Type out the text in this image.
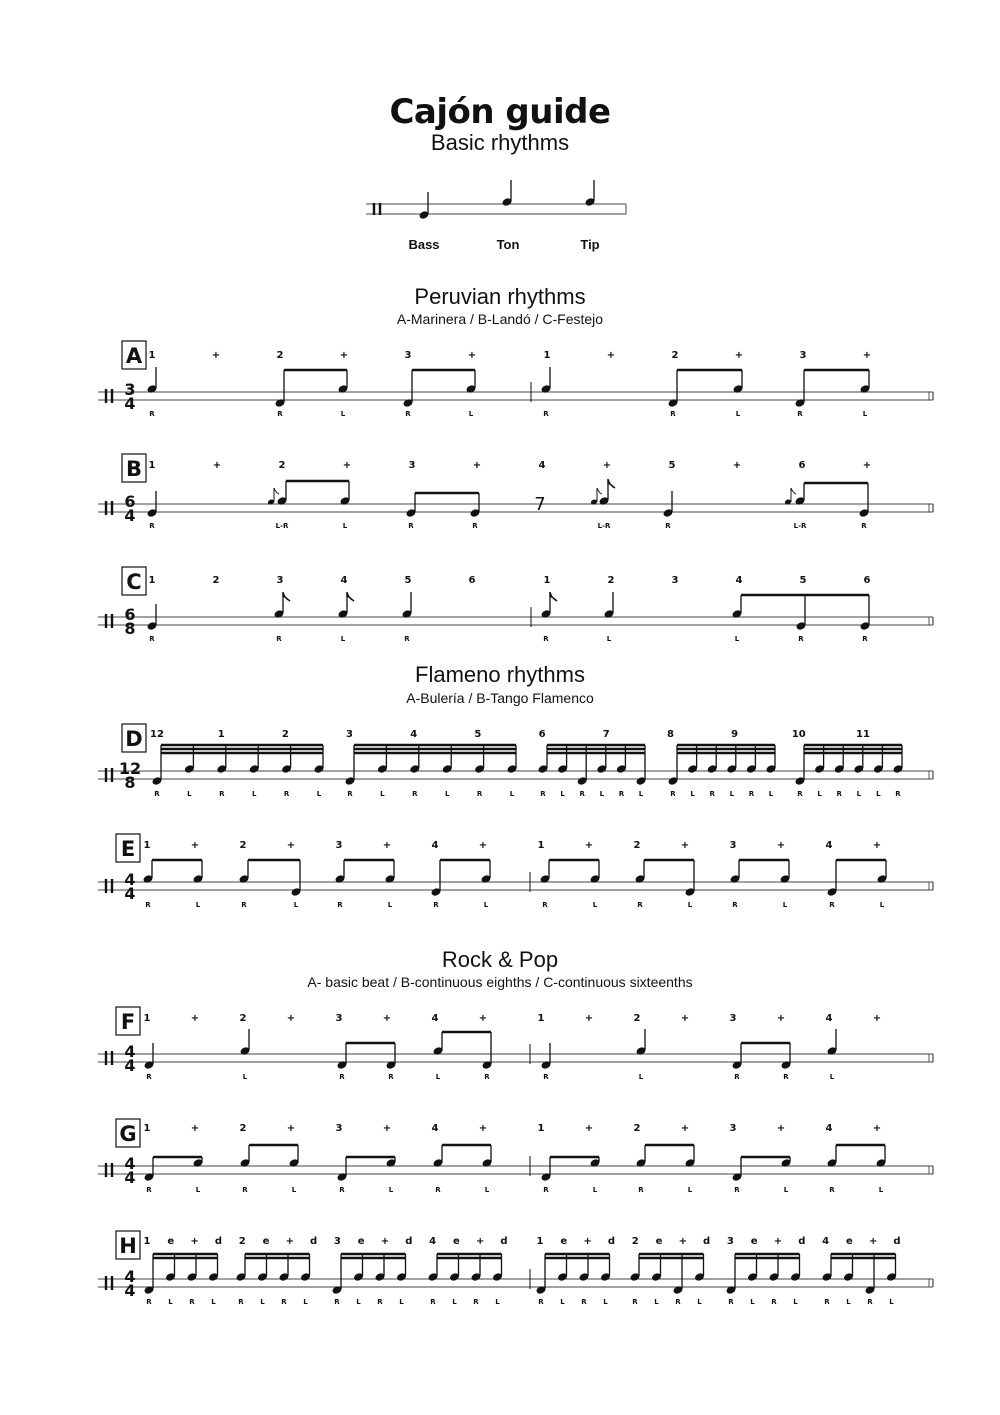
Cajón guide
Basic rhythms
Bass	Ton	Tip
Peruvian rhythms
A-Marinera / B-Landó / C-Festejo
Flameno rhythms
A-Bulería / B-Tango Flamenco
Rock & Pop
A- basic beat / B-continuous eighths / C-continuous sixteenths
3
4
A 1	+	2	+	3	+	1	+	2	+	3	+
R	R	L	R	L	R	R	L	R	L
6
4
B 1	+	2	+	3	+	4	+	5	+	6	+
7
R	L-R	L	R	R	L-R	R	L-R	R
6
8
C 1	2	3	4	5	6	1	2	3	4	5	6
R	R	L	R	R	L	L	R	R
12
8
D 12	1	2	3	4	5	6	7	8	9	10	11
R	L	R	L	R	L	R	L	R	L	R	L	R L R L R L	R L R L R L	R L R L L R
4
4
E 1	+	2	+	3	+	4	+	1	+	2	+	3	+	4	+
R	L	R	L	R	L	R	L	R	L	R	L	R	L	R	L
4
4
F 1	+	2	+	3	+	4	+	1	+	2	+	3	+	4	+
R	L	R	R	L	R	R	L	R	R	L
4
4
G 1	+	2	+	3	+	4	+	1	+	2	+	3	+	4	+
R	L	R	L	R	L	R	L	R	L	R	L	R	L	R	L
4
4
H 1 e + d 2 e + d 3 e + d 4 e + d	1 e + d 2 e + d 3 e + d 4 e + d
R L R L	R L R L	R L R L	R L R L	R L R L	R L R L	R L R L	R L R L
